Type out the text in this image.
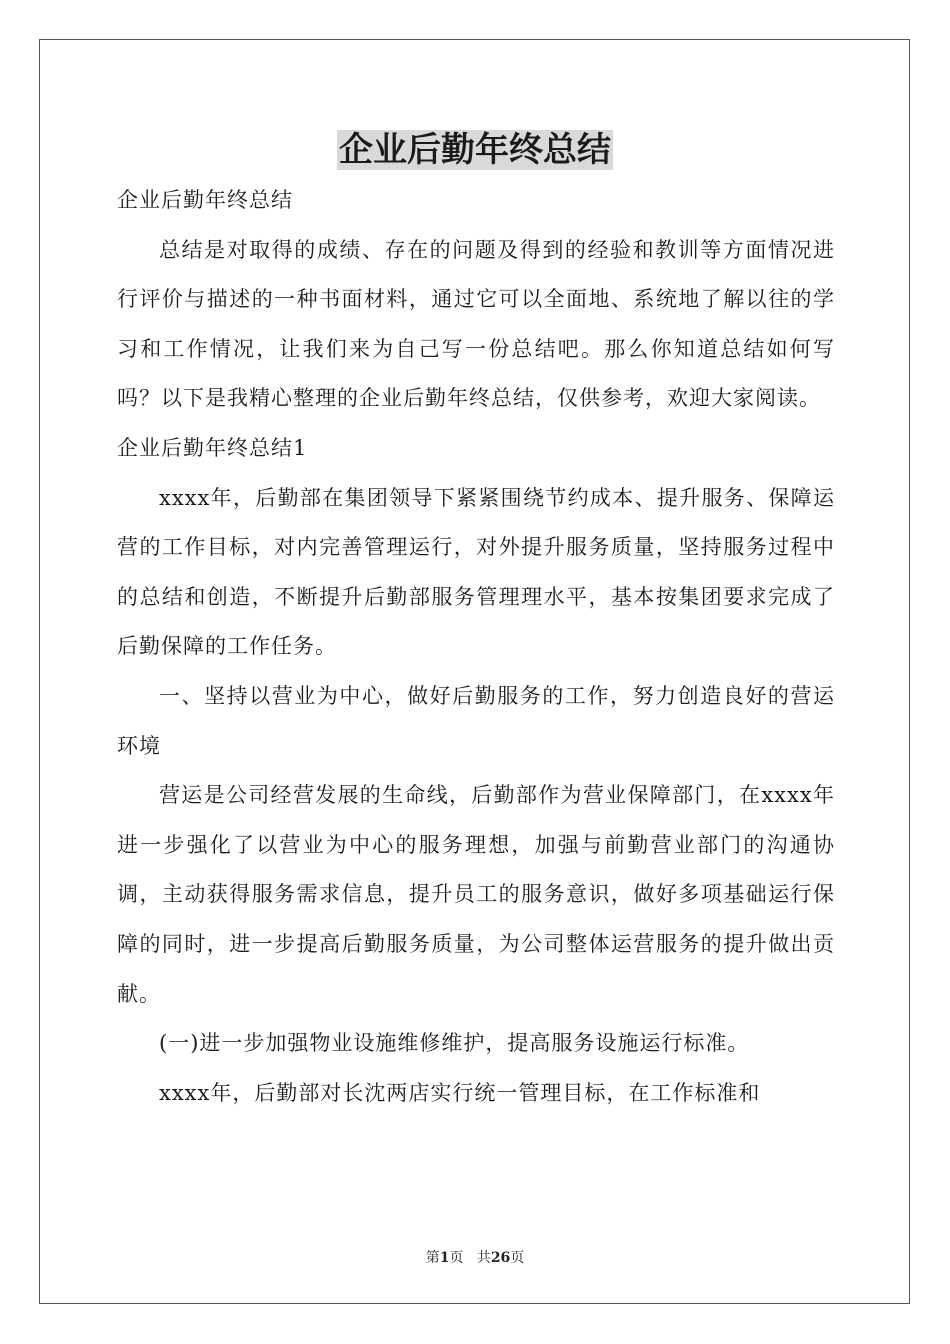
企业后勤年终总结

企业后勤年终总结

总结是对取得的成绩、存在的问题及得到的经验和教训等方面情况进行评价与描述的一种书面材料，通过它可以全面地、系统地了解以往的学习和工作情况，让我们来为自己写一份总结吧。那么你知道总结如何写吗？以下是我精心整理的企业后勤年终总结，仅供参考，欢迎大家阅读。

企业后勤年终总结1

xxxx年，后勤部在集团领导下紧紧围绕节约成本、提升服务、保障运营的工作目标，对内完善管理运行，对外提升服务质量，坚持服务过程中的总结和创造，不断提升后勤部服务管理理水平，基本按集团要求完成了后勤保障的工作任务。

一、坚持以营业为中心，做好后勤服务的工作，努力创造良好的营运环境

营运是公司经营发展的生命线，后勤部作为营业保障部门，在xxxx年进一步强化了以营业为中心的服务理想，加强与前勤营业部门的沟通协调，主动获得服务需求信息，提升员工的服务意识，做好多项基础运行保障的同时，进一步提高后勤服务质量，为公司整体运营服务的提升做出贡献。

(一)进一步加强物业设施维修维护，提高服务设施运行标准。

xxxx年，后勤部对长沈两店实行统一管理目标，在工作标准和

第1页 共26页
